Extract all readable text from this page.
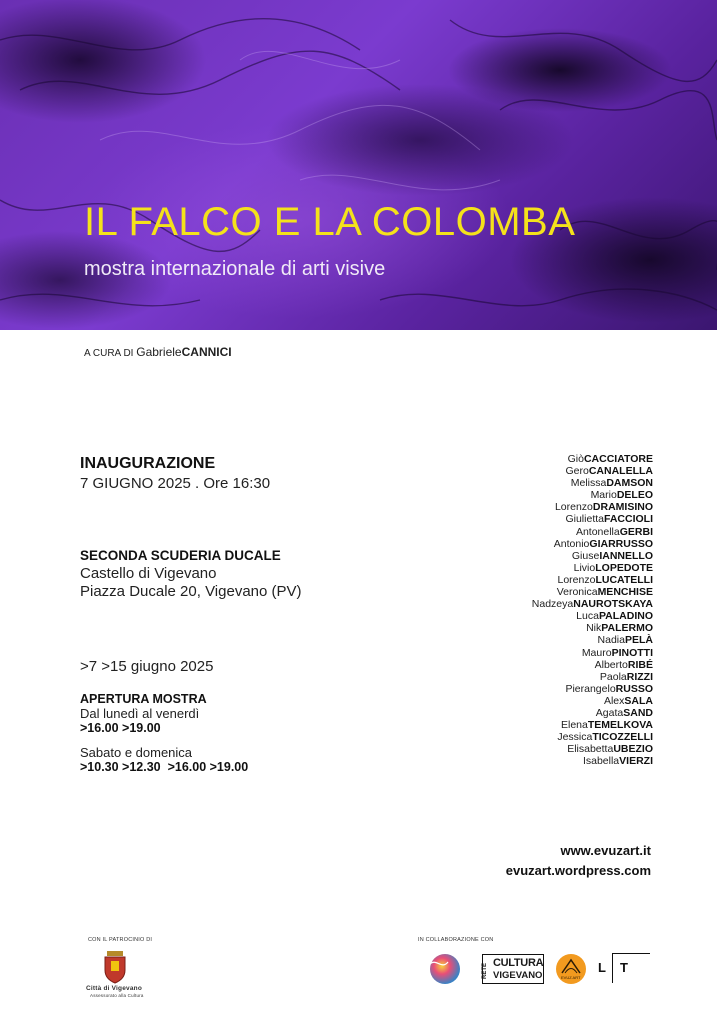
IL FALCO E LA COLOMBA
mostra internazionale di arti visive
A CURA DI GabrieleCANNICI
INAUGURAZIONE
7 GIUGNO 2025 . Ore 16:30
SECONDA SCUDERIA DUCALE
Castello di Vigevano
Piazza Ducale 20, Vigevano (PV)
>7 >15 giugno 2025
APERTURA MOSTRA
Dal lunedì al venerdì
>16.00 >19.00
Sabato e domenica
>10.30 >12.30  >16.00 >19.00
GiòCACCIATORE
GeroCANALELLA
MelissaDAMSON
MarioDELEO
LorenzoDRAMISINO
GiuliettaFACCIOLI
AntonellaGERBI
AntonioGIARRUSSO
GiuseIANNELLO
LivioLOPEDOTE
LorenzoLUCATELLI
VeronicaMENCHISE
NadzeyaNAUROTSKAYA
LucaPALADINO
NikPALERMO
NadiaPELÀ
MauroPINOTTI
AlbertoRIBÉ
PaolaRIZZI
PierangeloRUSSO
AlexSALA
AgataSAND
ElenaTEMELKOVA
JessicaTICOZZELLI
ElisabettaUBEZIO
IsabellaVIERZI
www.evuzart.it
evuzart.wordpress.com
CON IL PATROCINIO DI
Città di Vigevano
Assessorato alla Cultura
IN COLLABORAZIONE CON
RETE CULTURA
VIGEVANO	EVUZ ART
L T
